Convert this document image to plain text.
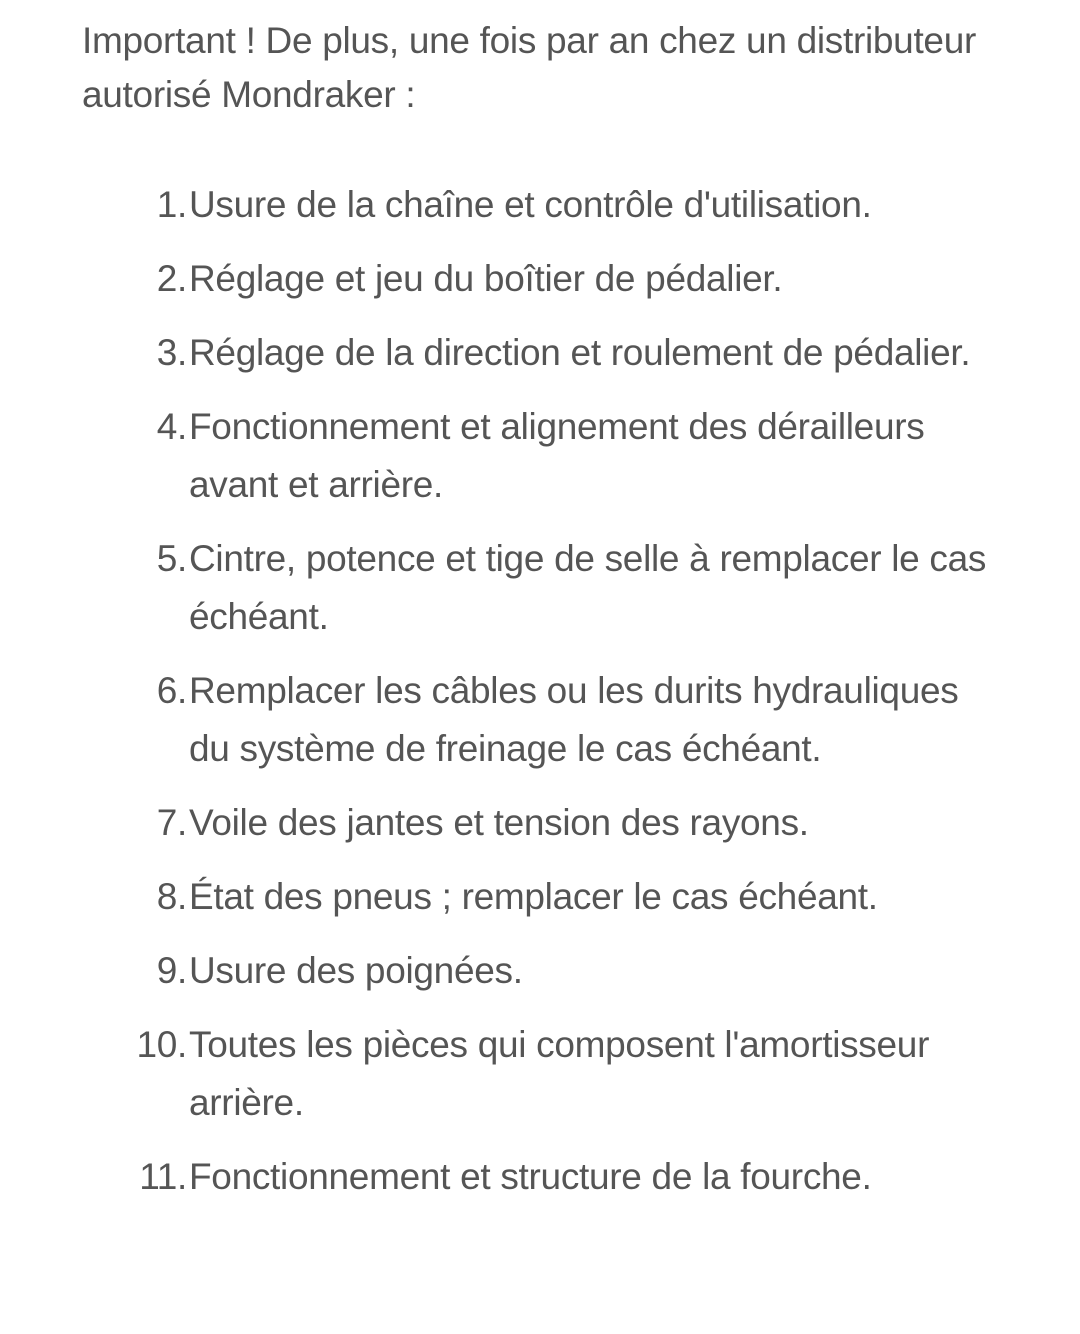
Important ! De plus, une fois par an chez un distributeur autorisé Mondraker :

1. Usure de la chaîne et contrôle d'utilisation.
2. Réglage et jeu du boîtier de pédalier.
3. Réglage de la direction et roulement de pédalier.
4. Fonctionnement et alignement des dérailleurs avant et arrière.
5. Cintre, potence et tige de selle à remplacer le cas échéant.
6. Remplacer les câbles ou les durits hydrauliques du système de freinage le cas échéant.
7. Voile des jantes et tension des rayons.
8. État des pneus ; remplacer le cas échéant.
9. Usure des poignées.
10. Toutes les pièces qui composent l'amortisseur arrière.
11. Fonctionnement et structure de la fourche.
